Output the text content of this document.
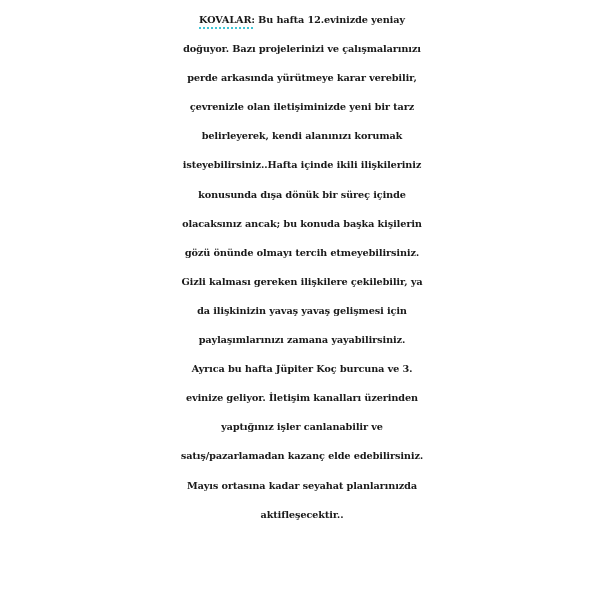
KOVALAR: Bu hafta 12.evinizde yeniay
doğuyor. Bazı projelerinizi ve çalışmalarınızı
perde arkasında yürütmeye karar verebilir,
çevrenizle olan iletişiminizde yeni bir tarz
belirleyerek, kendi alanınızı korumak
isteyebilirsiniz..Hafta içinde ikili ilişkileriniz
konusunda dışa dönük bir süreç içinde
olacaksınız ancak; bu konuda başka kişilerin
gözü önünde olmayı tercih etmeyebilirsiniz.
Gizli kalması gereken ilişkilere çekilebilir, ya
da ilişkinizin yavaş yavaş gelişmesi için
paylaşımlarınızı zamana yayabilirsiniz.
Ayrıca bu hafta Jüpiter Koç burcuna ve 3.
evinize geliyor. İletişim kanalları üzerinden
yaptığınız işler canlanabilir ve
satış/pazarlamadan kazanç elde edebilirsiniz.
Mayıs ortasına kadar seyahat planlarınızda
aktifleşecektir..
